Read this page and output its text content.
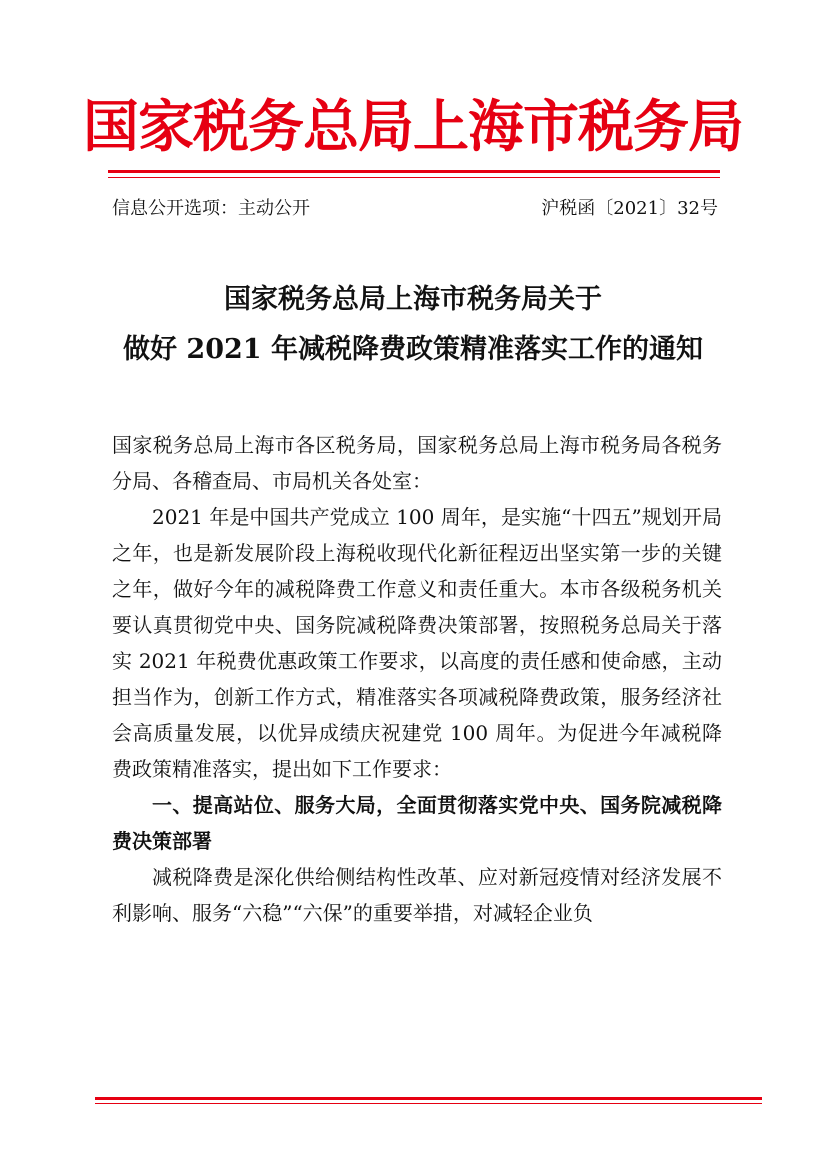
国家税务总局上海市税务局
信息公开选项：主动公开	沪税函〔2021〕32号
国家税务总局上海市税务局关于
做好 2021 年减税降费政策精准落实工作的通知

国家税务总局上海市各区税务局，国家税务总局上海市税务局各税务分局、各稽查局、市局机关各处室：

2021 年是中国共产党成立 100 周年，是实施“十四五”规划开局之年，也是新发展阶段上海税收现代化新征程迈出坚实第一步的关键之年，做好今年的减税降费工作意义和责任重大。本市各级税务机关要认真贯彻党中央、国务院减税降费决策部署，按照税务总局关于落实 2021 年税费优惠政策工作要求，以高度的责任感和使命感，主动担当作为，创新工作方式，精准落实各项减税降费政策，服务经济社会高质量发展，以优异成绩庆祝建党 100 周年。为促进今年减税降费政策精准落实，提出如下工作要求：

一、提高站位、服务大局，全面贯彻落实党中央、国务院减税降费决策部署

减税降费是深化供给侧结构性改革、应对新冠疫情对经济发展不利影响、服务“六稳”“六保”的重要举措，对减轻企业负
